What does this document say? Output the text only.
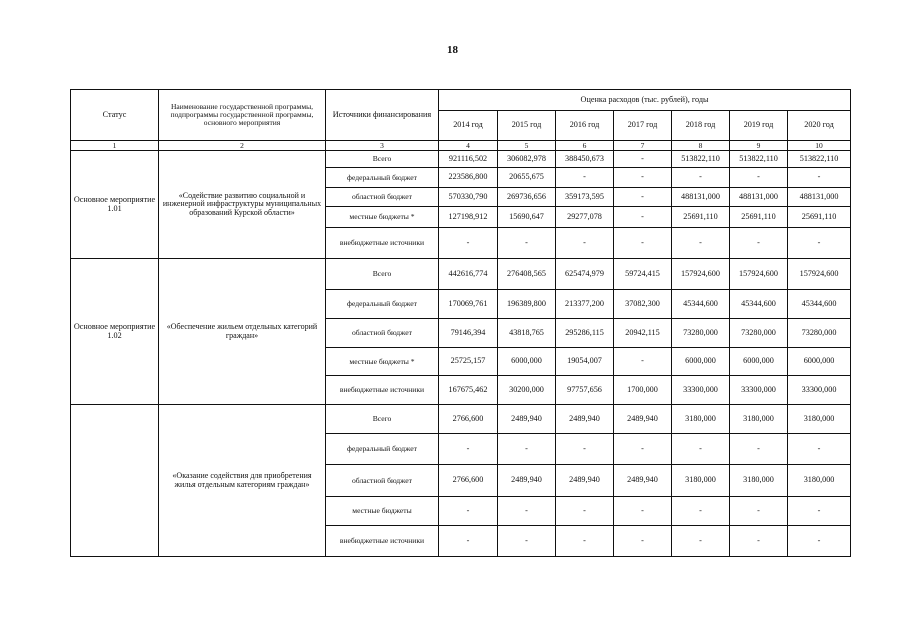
18
Статус	Наименование государственной программы, подпрограммы государственной программы, основного мероприятия	Источники финансирования	Оценка расходов (тыс. рублей), годы						
			2014 год	2015 год	2016 год	2017 год	2018 год	2019 год	2020 год
1	2	3	4	5	6	7	8	9	10
Основное мероприятие 1.01	«Содействие развитию социальной и инженерной инфраструктуры муниципальных образований Курской области»	Всего	921116,502	306082,978	388450,673	-	513822,110	513822,110	513822,110
		федеральный бюджет	223586,800	20655,675	-	-	-	-	-
		областной бюджет	570330,790	269736,656	359173,595	-	488131,000	488131,000	488131,000
		местные бюджеты *	127198,912	15690,647	29277,078	-	25691,110	25691,110	25691,110
		внебюджетные источники	-	-	-	-	-	-	-
Основное мероприятие 1.02	«Обеспечение жильем отдельных категорий граждан»	Всего	442616,774	276408,565	625474,979	59724,415	157924,600	157924,600	157924,600
		федеральный бюджет	170069,761	196389,800	213377,200	37082,300	45344,600	45344,600	45344,600
		областной бюджет	79146,394	43818,765	295286,115	20942,115	73280,000	73280,000	73280,000
		местные бюджеты *	25725,157	6000,000	19054,007	-	6000,000	6000,000	6000,000
		внебюджетные источники	167675,462	30200,000	97757,656	1700,000	33300,000	33300,000	33300,000
	«Оказание содействия для приобретения жилья отдельным категориям граждан»	Всего	2766,600	2489,940	2489,940	2489,940	3180,000	3180,000	3180,000
		федеральный бюджет	-	-	-	-	-	-	-
		областной бюджет	2766,600	2489,940	2489,940	2489,940	3180,000	3180,000	3180,000
		местные бюджеты	-	-	-	-	-	-	-
		внебюджетные источники	-	-	-	-	-	-	-
